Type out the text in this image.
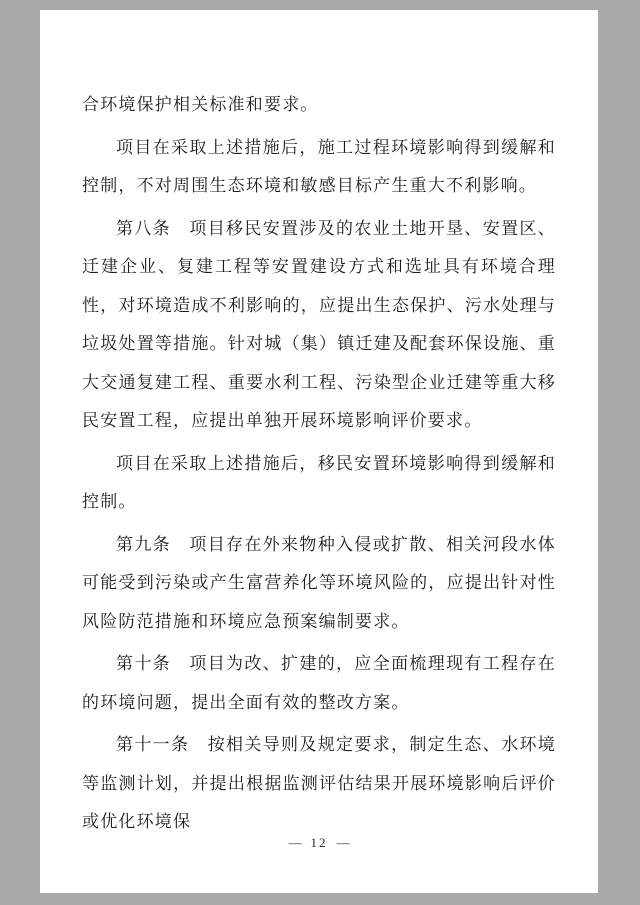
合环境保护相关标准和要求。

项目在采取上述措施后，施工过程环境影响得到缓解和控制，不对周围生态环境和敏感目标产生重大不利影响。

第八条　项目移民安置涉及的农业土地开垦、安置区、迁建企业、复建工程等安置建设方式和选址具有环境合理性，对环境造成不利影响的，应提出生态保护、污水处理与垃圾处置等措施。针对城（集）镇迁建及配套环保设施、重大交通复建工程、重要水利工程、污染型企业迁建等重大移民安置工程，应提出单独开展环境影响评价要求。

项目在采取上述措施后，移民安置环境影响得到缓解和控制。

第九条　项目存在外来物种入侵或扩散、相关河段水体可能受到污染或产生富营养化等环境风险的，应提出针对性风险防范措施和环境应急预案编制要求。

第十条　项目为改、扩建的，应全面梳理现有工程存在的环境问题，提出全面有效的整改方案。

第十一条　按相关导则及规定要求，制定生态、水环境等监测计划，并提出根据监测评估结果开展环境影响后评价或优化环境保

— 12 —
